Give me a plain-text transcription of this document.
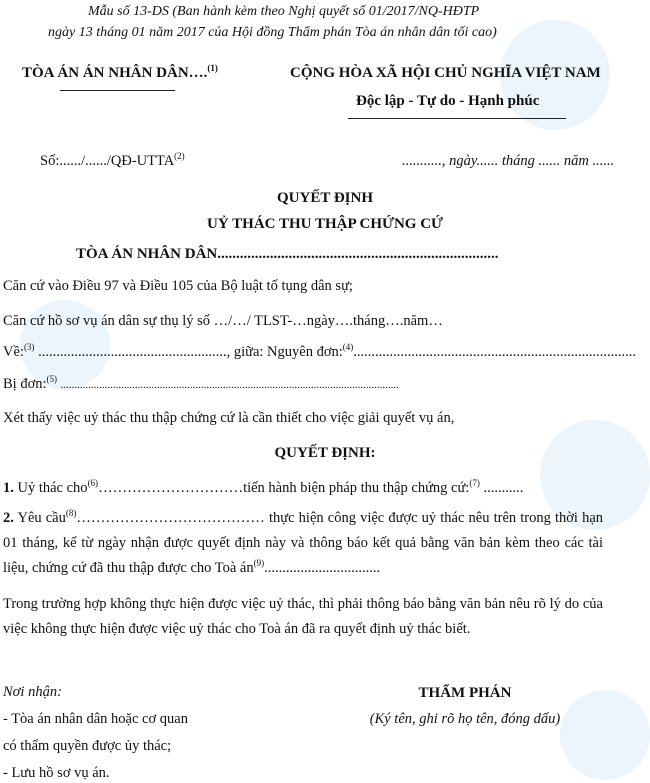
Mẫu số 13-DS (Ban hành kèm theo Nghị quyết số 01/2017/NQ-HĐTP
ngày 13 tháng 01 năm 2017 của Hội đồng Thẩm phán Tòa án nhân dân tối cao)
TÒA ÁN ÁN NHÂN DÂN….$^{(1)}$	CỘNG HÒA XÃ HỘI CHỦ NGHĨA VIỆT NAM
Độc lập - Tự do - Hạnh phúc
Số:....../....../QĐ-UTTA$^{(2)}$	..........., ngày...... tháng ...... năm ......
QUYẾT ĐỊNH
UỶ THÁC THU THẬP CHỨNG CỨ
TÒA ÁN NHÂN DÂN...........................................................................
Căn cứ vào Điều 97 và Điều 105 của Bộ luật tố tụng dân sự;
Căn cứ hồ sơ vụ án dân sự thụ lý số …/…/ TLST-…ngày….tháng….năm…
Về:$^{(3)}$ ...................................................., giữa: Nguyên đơn:$^{(4)}$..............................................................................
Bị đơn:$^{(5)}$ ...........................................................................................................................
Xét thấy việc uỷ thác thu thập chứng cứ là cần thiết cho việc giải quyết vụ án,
QUYẾT ĐỊNH:
1. Uỷ thác cho$^{(6)}$…………………………tiến hành biện pháp thu thập chứng cứ:$^{(7)}$ ...........
2. Yêu cầu$^{(8)}$………………………………… thực hiện công việc được uỷ thác nêu trên trong thời hạn 01 tháng, kể từ ngày nhận được quyết định này và thông báo kết quả bằng văn bản kèm theo các tài liệu, chứng cứ đã thu thập được cho Toà $án^{(9)}$................................
Trong trường hợp không thực hiện được việc uỷ thác, thì phải thông báo bằng văn bản nêu rõ lý do của việc không thực hiện được việc uỷ thác cho Toà án đã ra quyết định uỷ thác biết.
Nơi nhận:
- Tòa án nhân dân hoặc cơ quan
có thẩm quyền được ủy thác;
- Lưu hồ sơ vụ án.
THẨM PHÁN
(Ký tên, ghi rõ họ tên, đóng dấu)
